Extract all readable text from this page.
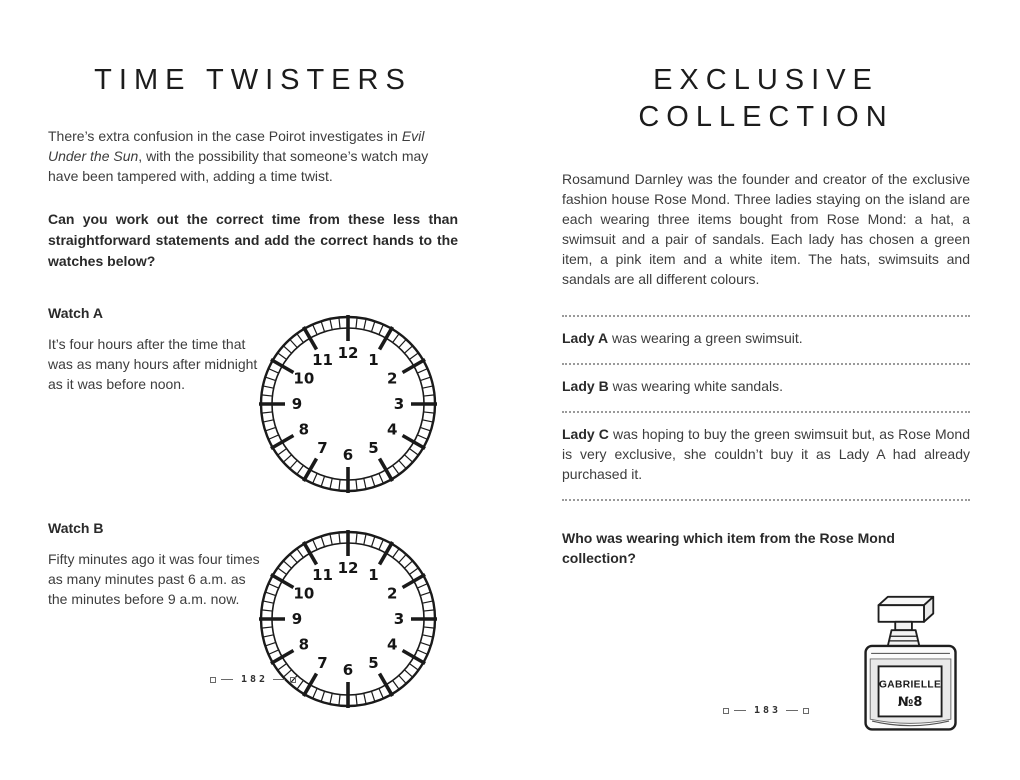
TIME TWISTERS

There’s extra confusion in the case Poirot investigates in Evil Under the Sun, with the possibility that someone’s watch may have been tampered with, adding a time twist.

Can you work out the correct time from these less than straightforward statements and add the correct hands to the watches below?

Watch A

It’s four hours after the time that was as many hours after midnight as it was before noon.

12 1
2
3
4
5
6
7
8
9
10
11
Watch B

Fifty minutes ago it was four times as many minutes past 6 a.m. as the minutes before 9 a.m. now.

12 1
2
3
4
5
6
7
8
9
10
11
182
EXCLUSIVE
COLLECTION

Rosamund Darnley was the founder and creator of the exclusive fashion house Rose Mond. Three ladies staying on the island are each wearing three items bought from Rose Mond: a hat, a swimsuit and a pair of sandals. Each lady has chosen a green item, a pink item and a white item. The hats, swimsuits and sandals are all different colours.

Lady A was wearing a green swimsuit.

Lady B was wearing white sandals.

Lady C was hoping to buy the green swimsuit but, as Rose Mond is very exclusive, she couldn’t buy it as Lady A had already purchased it.

Who was wearing which item from the Rose Mond collection?

GABRIELLE
№8
183
